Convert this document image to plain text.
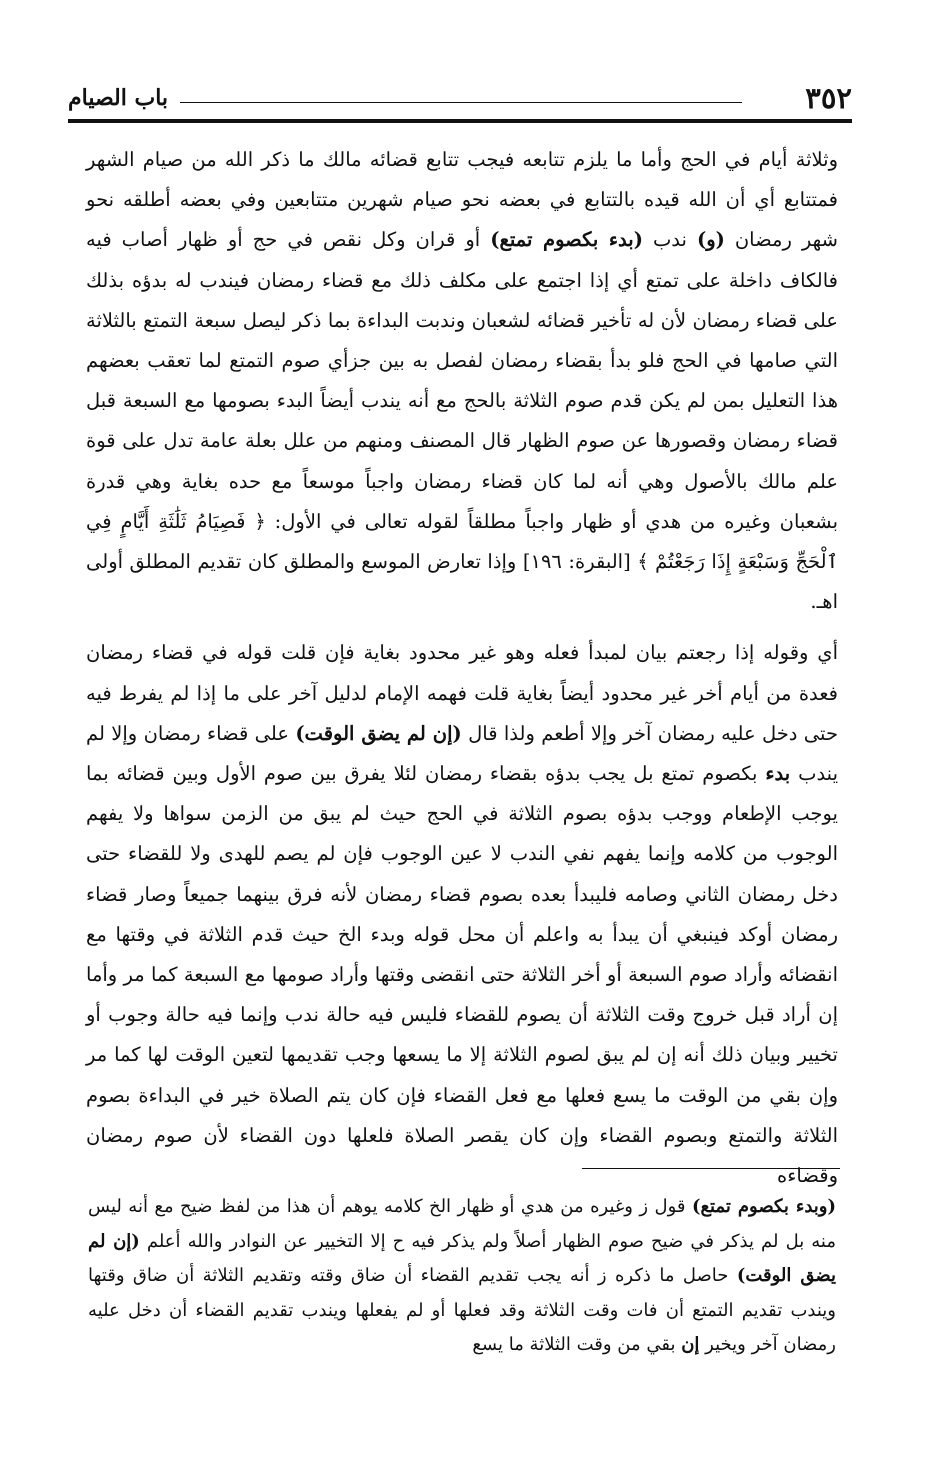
٣٥٢
باب الصيام

وثلاثة أيام في الحج وأما ما يلزم تتابعه فيجب تتابع قضائه مالك ما ذكر الله من صيام الشهر فمتتابع أي أن الله قيده بالتتابع في بعضه نحو صيام شهرين متتابعين وفي بعضه أطلقه نحو شهر رمضان (و) ندب (بدء بكصوم تمتع) أو قران وكل نقص في حج أو ظهار أصاب فيه فالكاف داخلة على تمتع أي إذا اجتمع على مكلف ذلك مع قضاء رمضان فيندب له بدؤه بذلك على قضاء رمضان لأن له تأخير قضائه لشعبان وندبت البداءة بما ذكر ليصل سبعة التمتع بالثلاثة التي صامها في الحج فلو بدأ بقضاء رمضان لفصل به بين جزأي صوم التمتع لما تعقب بعضهم هذا التعليل بمن لم يكن قدم صوم الثلاثة بالحج مع أنه يندب أيضاً البدء بصومها مع السبعة قبل قضاء رمضان وقصورها عن صوم الظهار قال المصنف ومنهم من علل بعلة عامة تدل على قوة علم مالك بالأصول وهي أنه لما كان قضاء رمضان واجباً موسعاً مع حده بغاية وهي قدرة بشعبان وغيره من هدي أو ظهار واجباً مطلقاً لقوله تعالى في الأول: ﴿ فَصِيَامُ ثَلَٰثَةِ أَيَّامٍ فِي ٱلْحَجِّ وَسَبْعَةٍ إِذَا رَجَعْتُمْ ﴾ [البقرة: ١٩٦] وإذا تعارض الموسع والمطلق كان تقديم المطلق أولى اهـ.

أي وقوله إذا رجعتم بيان لمبدأ فعله وهو غير محدود بغاية فإن قلت قوله في قضاء رمضان فعدة من أيام أخر غير محدود أيضاً بغاية قلت فهمه الإمام لدليل آخر على ما إذا لم يفرط فيه حتى دخل عليه رمضان آخر وإلا أطعم ولذا قال (إن لم يضق الوقت) على قضاء رمضان وإلا لم يندب بدء بكصوم تمتع بل يجب بدؤه بقضاء رمضان لئلا يفرق بين صوم الأول وبين قضائه بما يوجب الإطعام ووجب بدؤه بصوم الثلاثة في الحج حيث لم يبق من الزمن سواها ولا يفهم الوجوب من كلامه وإنما يفهم نفي الندب لا عين الوجوب فإن لم يصم للهدى ولا للقضاء حتى دخل رمضان الثاني وصامه فليبدأ بعده بصوم قضاء رمضان لأنه فرق بينهما جميعاً وصار قضاء رمضان أوكد فينبغي أن يبدأ به واعلم أن محل قوله وبدء الخ حيث قدم الثلاثة في وقتها مع انقضائه وأراد صوم السبعة أو أخر الثلاثة حتى انقضى وقتها وأراد صومها مع السبعة كما مر وأما إن أراد قبل خروج وقت الثلاثة أن يصوم للقضاء فليس فيه حالة ندب وإنما فيه حالة وجوب أو تخيير وبيان ذلك أنه إن لم يبق لصوم الثلاثة إلا ما يسعها وجب تقديمها لتعين الوقت لها كما مر وإن بقي من الوقت ما يسع فعلها مع فعل القضاء فإن كان يتم الصلاة خير في البداءة بصوم الثلاثة والتمتع وبصوم القضاء وإن كان يقصر الصلاة فلعلها دون القضاء لأن صوم رمضان وقضاءه

(وبدء بكصوم تمتع) قول ز وغيره من هدي أو ظهار الخ كلامه يوهم أن هذا من لفظ ضيح مع أنه ليس منه بل لم يذكر في ضيح صوم الظهار أصلاً ولم يذكر فيه ح إلا التخيير عن النوادر والله أعلم (إن لم يضق الوقت) حاصل ما ذكره ز أنه يجب تقديم القضاء أن ضاق وقته وتقديم الثلاثة أن ضاق وقتها ويندب تقديم التمتع أن فات وقت الثلاثة وقد فعلها أو لم يفعلها ويندب تقديم القضاء أن دخل عليه رمضان آخر ويخير إن بقي من وقت الثلاثة ما يسع
